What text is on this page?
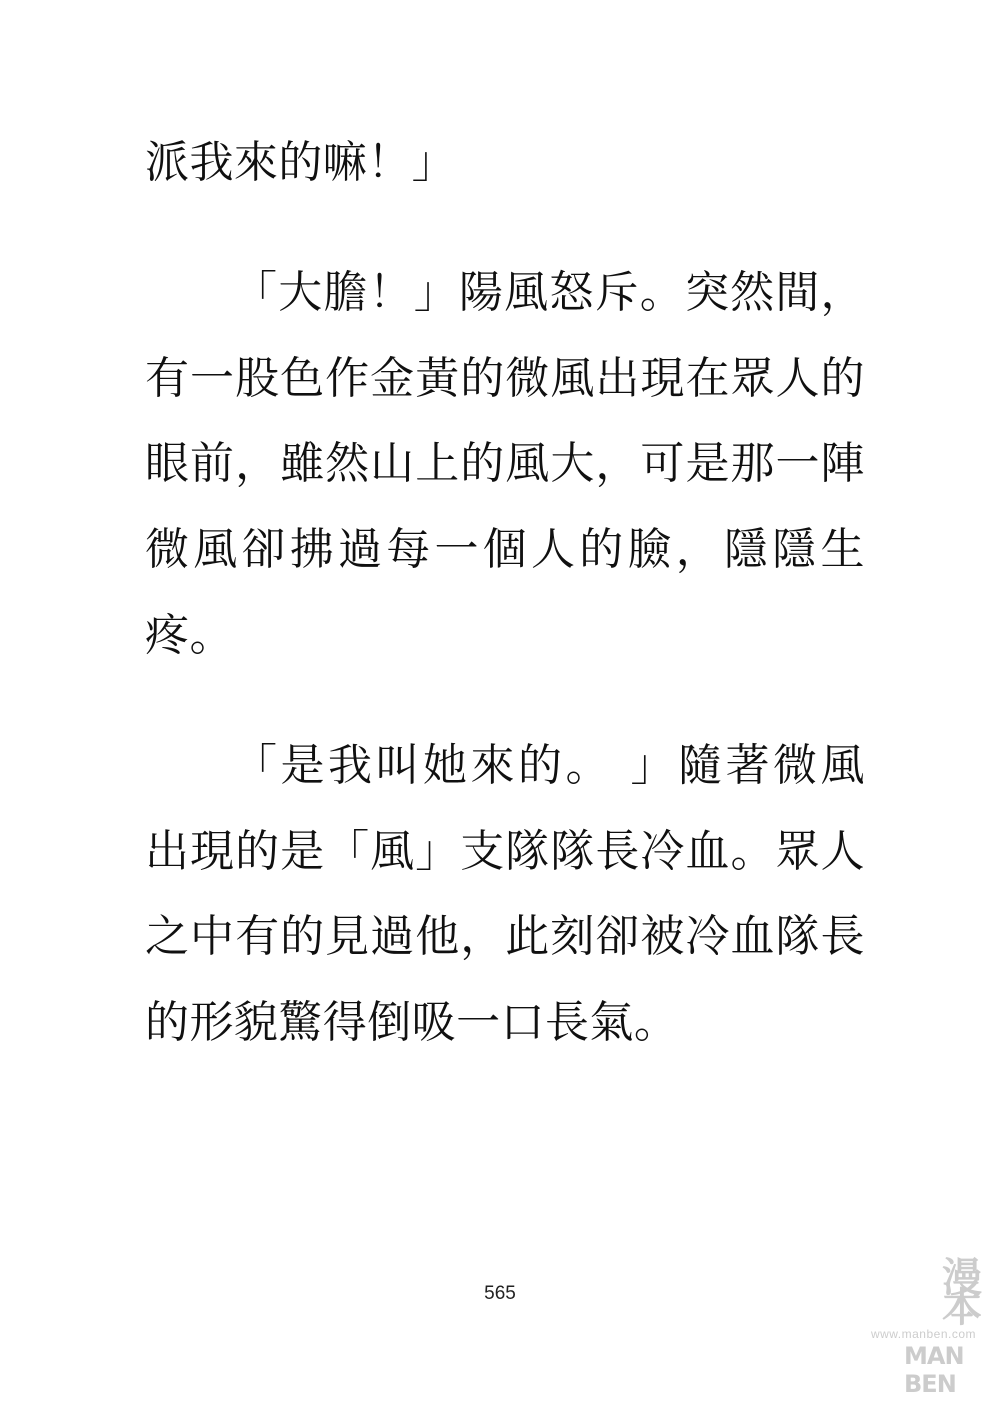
派我來的嘛！」

「大膽！」陽風怒斥。突然間，有一股色作金黃的微風出現在眾人的眼前，雖然山上的風大，可是那一陣微風卻拂過每一個人的臉，隱隱生疼。

「是我叫她來的。 」隨著微風出現的是「風」支隊隊長冷血。眾人之中有的見過他，此刻卻被冷血隊長的形貌驚得倒吸一口長氣。

565	漫本
www.manben.com
MAN BEN
